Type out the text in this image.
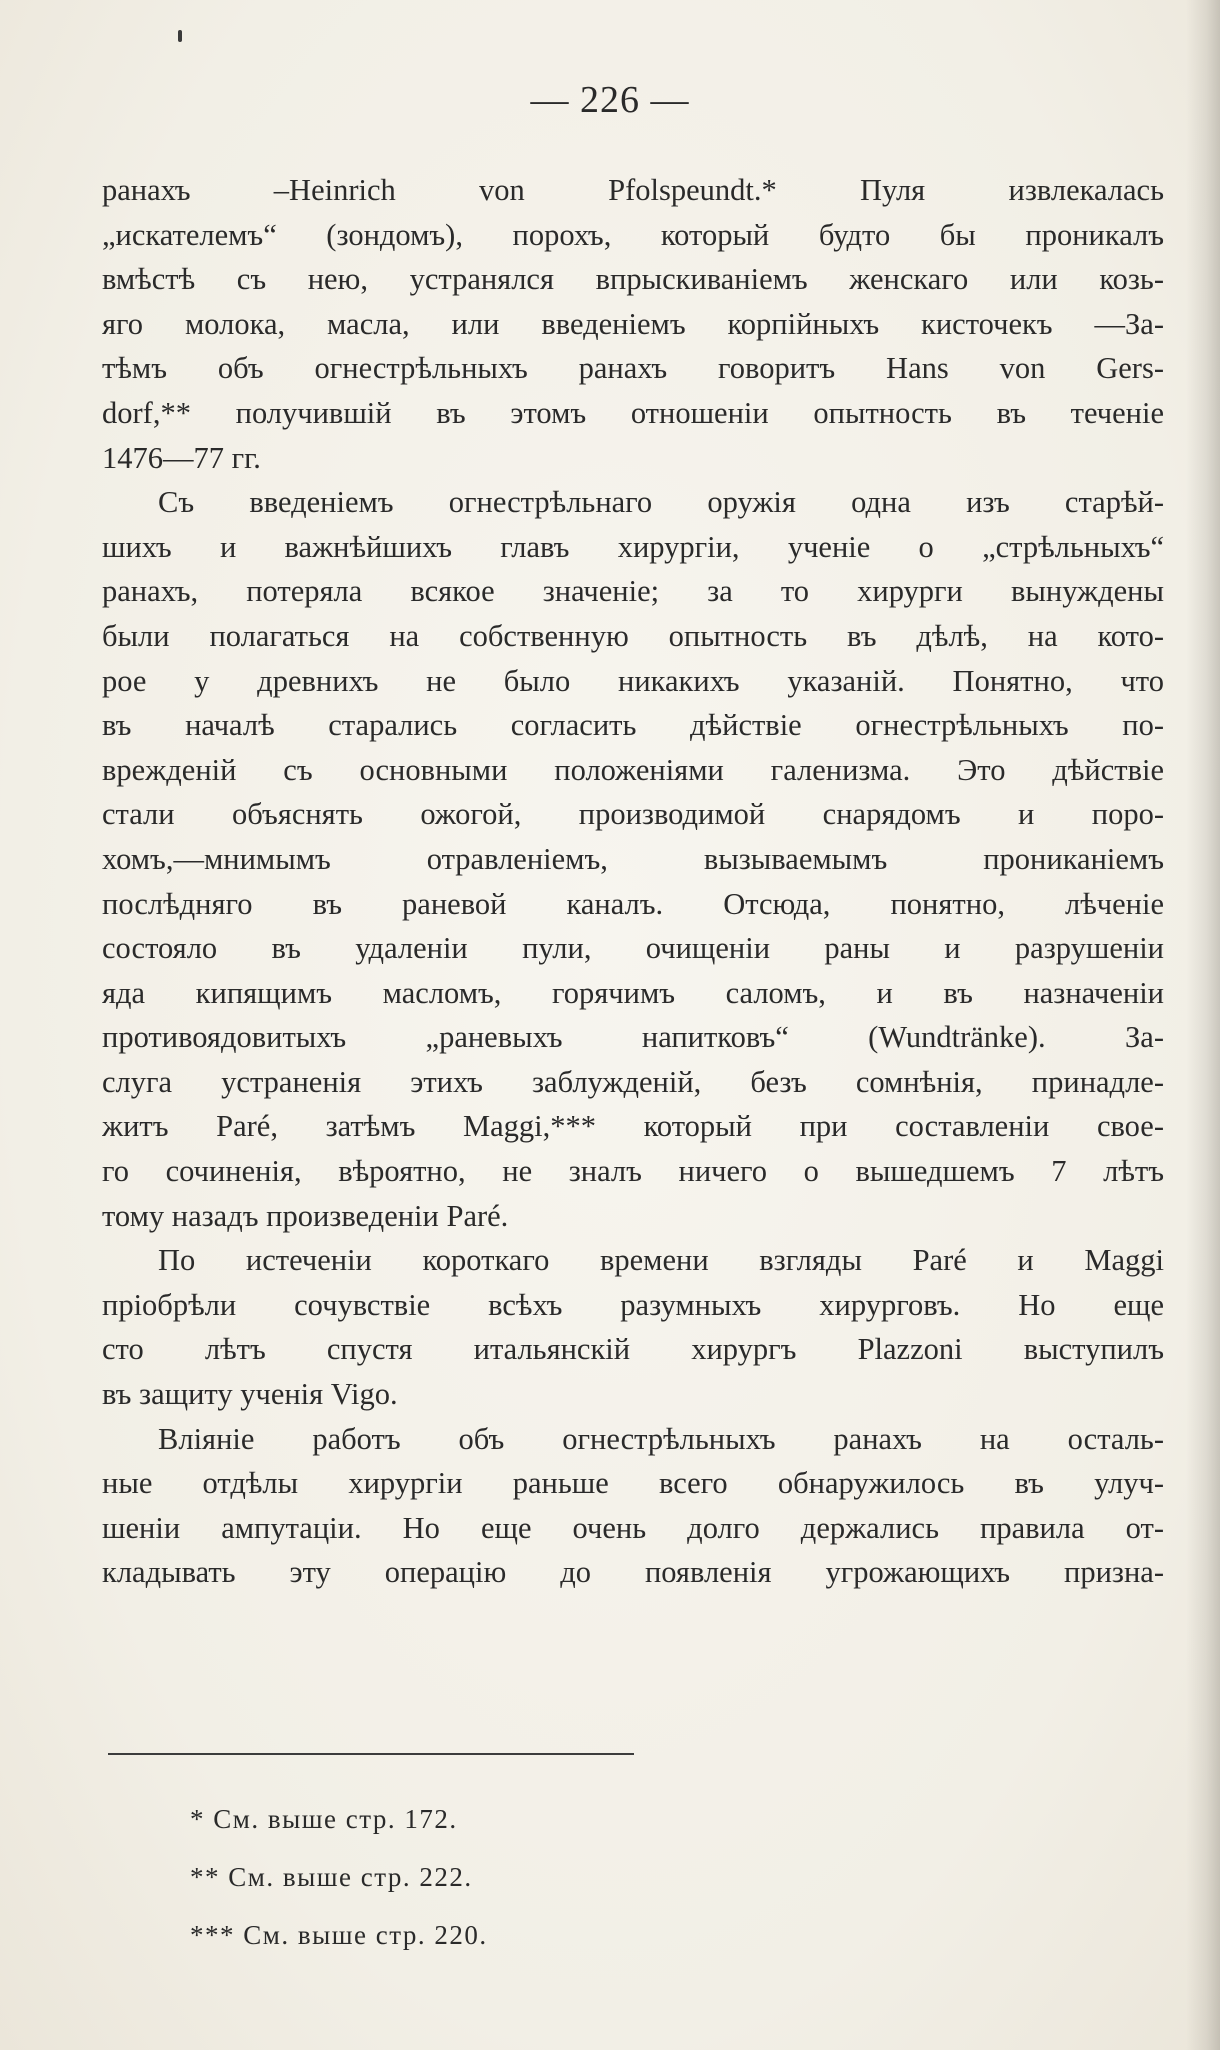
— 226 —
ранахъ –Heinrich von Pfolspeundt.* Пуля извлекалась
„искателемъ“ (зондомъ), порохъ, который будто бы проникалъ
вмѣстѣ съ нею, устранялся впрыскиваніемъ женскаго или козь-
яго молока, масла, или введеніемъ корпійныхъ кисточекъ —За-
тѣмъ объ огнестрѣльныхъ ранахъ говоритъ Hans von Gers-
dorf,** получившій въ этомъ отношеніи опытность въ теченіе
1476—77 гг.
Съ введеніемъ огнестрѣльнаго оружія одна изъ старѣй-
шихъ и важнѣйшихъ главъ хирургіи, ученіе о „стрѣльныхъ“
ранахъ, потеряла всякое значеніе; за то хирурги вынуждены
были полагаться на собственную опытность въ дѣлѣ, на кото-
рое у древнихъ не было никакихъ указаній. Понятно, что
въ началѣ старались согласить дѣйствіе огнестрѣльныхъ по-
врежденій съ основными положеніями галенизма. Это дѣйствіе
стали объяснять ожогой, производимой снарядомъ и поро-
хомъ,—мнимымъ отравленіемъ, вызываемымъ прониканіемъ
послѣдняго въ раневой каналъ. Отсюда, понятно, лѣченіе
состояло въ удаленіи пули, очищеніи раны и разрушеніи
яда кипящимъ масломъ, горячимъ саломъ, и въ назначеніи
противоядовитыхъ „раневыхъ напитковъ“ (Wundtränke). За-
слуга устраненія этихъ заблужденій, безъ сомнѣнія, принадле-
житъ Paré, затѣмъ Maggi,*** который при составленіи свое-
го сочиненія, вѣроятно, не зналъ ничего о вышедшемъ 7 лѣтъ
тому назадъ произведеніи Paré.
По истеченіи короткаго времени взгляды Paré и Maggi
пріобрѣли сочувствіе всѣхъ разумныхъ хирурговъ. Но еще
сто лѣтъ спустя итальянскій хирургъ Plazzoni выступилъ
въ защиту ученія Vigo.
Вліяніе работъ объ огнестрѣльныхъ ранахъ на осталь-
ные отдѣлы хирургіи раньше всего обнаружилось въ улуч-
шеніи ампутаціи. Но еще очень долго держались правила от-
кладывать эту операцію до появленія угрожающихъ призна-
* См. выше стр. 172.
** См. выше стр. 222.
*** См. выше стр. 220.
